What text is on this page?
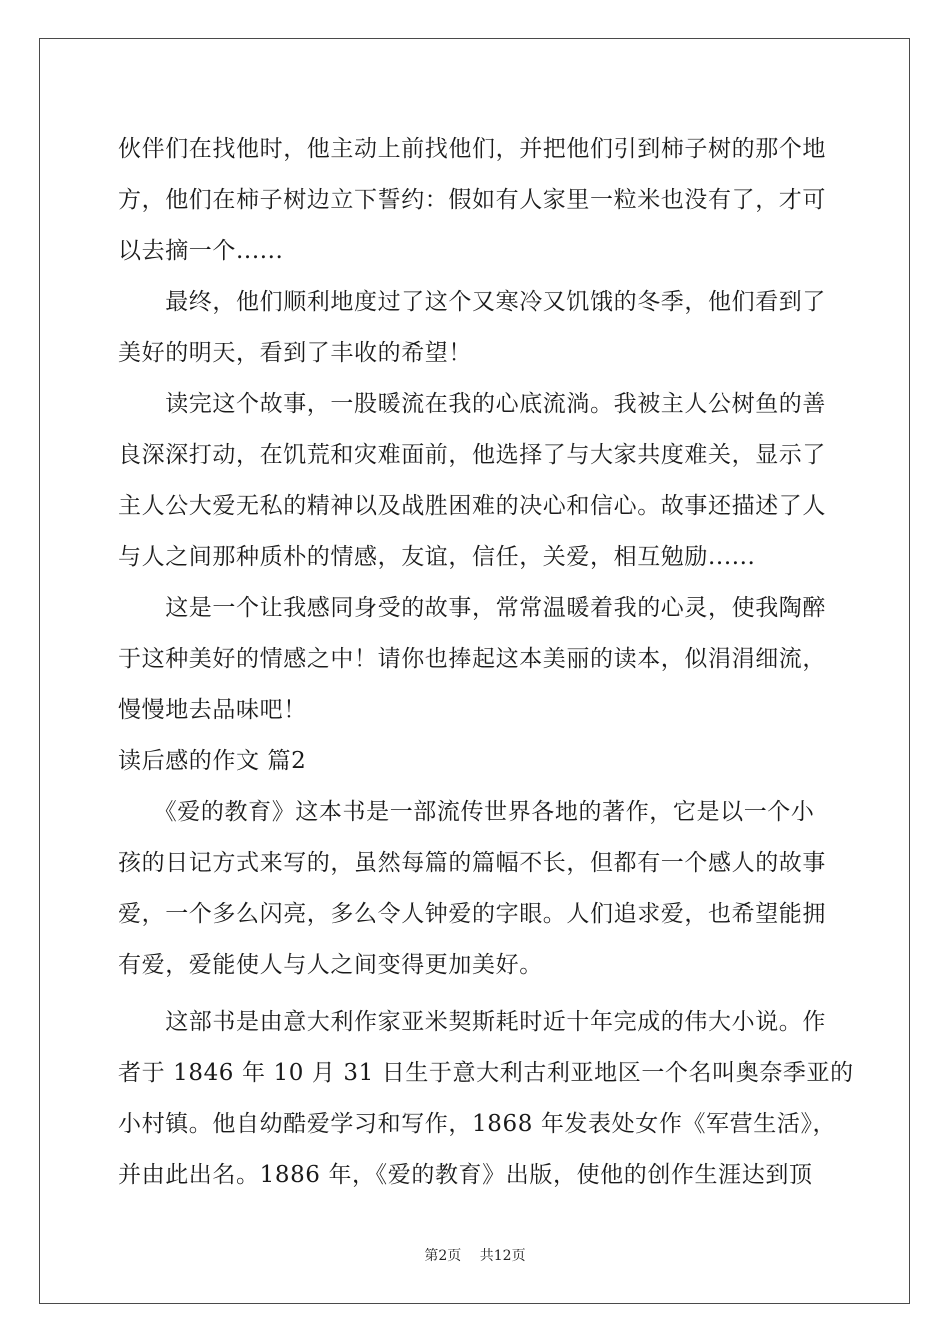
伙伴们在找他时，他主动上前找他们，并把他们引到柿子树的那个地
方，他们在柿子树边立下誓约：假如有人家里一粒米也没有了，才可
以去摘一个......
　　最终，他们顺利地度过了这个又寒冷又饥饿的冬季，他们看到了
美好的明天，看到了丰收的希望！
　　读完这个故事，一股暖流在我的心底流淌。我被主人公树鱼的善
良深深打动，在饥荒和灾难面前，他选择了与大家共度难关，显示了
主人公大爱无私的精神以及战胜困难的决心和信心。故事还描述了人
与人之间那种质朴的情感，友谊，信任，关爱，相互勉励......
　　这是一个让我感同身受的故事，常常温暖着我的心灵，使我陶醉
于这种美好的情感之中！请你也捧起这本美丽的读本，似涓涓细流，
慢慢地去品味吧！
读后感的作文 篇2
　　《爱的教育》这本书是一部流传世界各地的著作，它是以一个小
孩的日记方式来写的，虽然每篇的篇幅不长，但都有一个感人的故事
爱，一个多么闪亮，多么令人钟爱的字眼。人们追求爱，也希望能拥
有爱，爱能使人与人之间变得更加美好。
　　这部书是由意大利作家亚米契斯耗时近十年完成的伟大小说。作
者于 1846 年 10 月 31 日生于意大利古利亚地区一个名叫奥奈季亚的
小村镇。他自幼酷爱学习和写作，1868 年发表处女作《军营生活》，
并由此出名。1886 年，《爱的教育》出版，使他的创作生涯达到顶
第2页 共12页
